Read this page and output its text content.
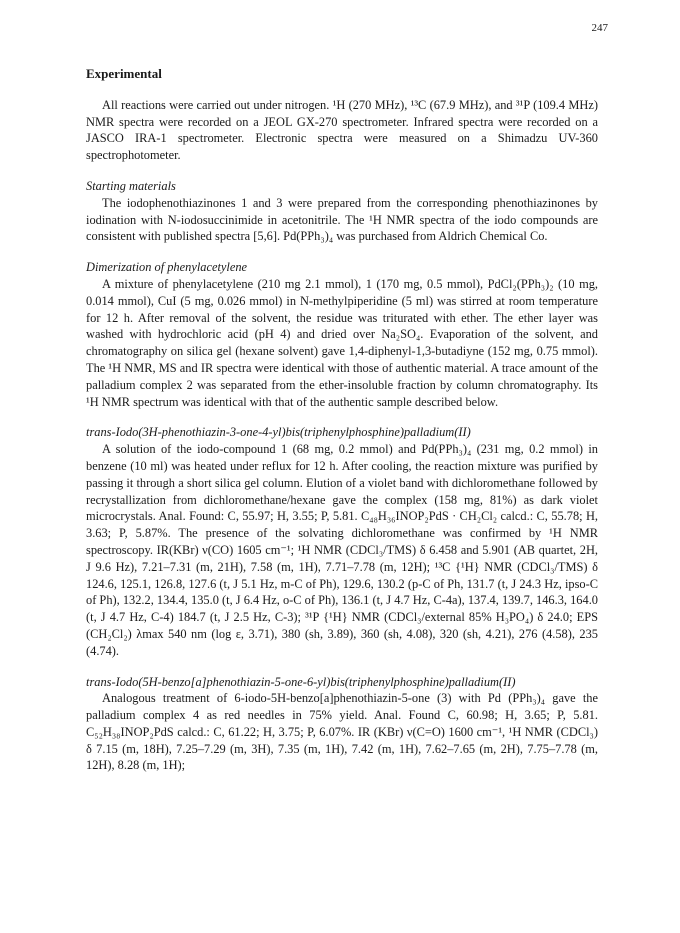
247
Experimental

All reactions were carried out under nitrogen. ¹H (270 MHz), ¹³C (67.9 MHz), and ³¹P (109.4 MHz) NMR spectra were recorded on a JEOL GX-270 spectrometer. Infrared spectra were recorded on a JASCO IRA-1 spectrometer. Electronic spectra were measured on a Shimadzu UV-360 spectrophotometer.

Starting materials

The iodophenothiazinones 1 and 3 were prepared from the corresponding phenothiazinones by iodination with N-iodosuccinimide in acetonitrile. The ¹H NMR spectra of the iodo compounds are consistent with published spectra [5,6]. Pd(PPh₃)₄ was purchased from Aldrich Chemical Co.

Dimerization of phenylacetylene

A mixture of phenylacetylene (210 mg 2.1 mmol), 1 (170 mg, 0.5 mmol), PdCl₂(PPh₃)₂ (10 mg, 0.014 mmol), CuI (5 mg, 0.026 mmol) in N-methylpiperidine (5 ml) was stirred at room temperature for 12 h. After removal of the solvent, the residue was triturated with ether. The ether layer was washed with hydrochloric acid (pH 4) and dried over Na₂SO₄. Evaporation of the solvent, and chromatography on silica gel (hexane solvent) gave 1,4-diphenyl-1,3-butadiyne (152 mg, 0.75 mmol). The ¹H NMR, MS and IR spectra were identical with those of authentic material. A trace amount of the palladium complex 2 was separated from the ether-insoluble fraction by column chromatography. Its ¹H NMR spectrum was identical with that of the authentic sample described below.

trans-Iodo(3H-phenothiazin-3-one-4-yl)bis(triphenylphosphine)palladium(II)

A solution of the iodo-compound 1 (68 mg, 0.2 mmol) and Pd(PPh₃)₄ (231 mg, 0.2 mmol) in benzene (10 ml) was heated under reflux for 12 h. After cooling, the reaction mixture was purified by passing it through a short silica gel column. Elution of a violet band with dichloromethane followed by recrystallization from dichloromethane/hexane gave the complex (158 mg, 81%) as dark violet microcrystals. Anal. Found: C, 55.97; H, 3.55; P, 5.81. C₄₈H₃₆INOP₂PdS · CH₂Cl₂ calcd.: C, 55.78; H, 3.63; P, 5.87%. The presence of the solvating dichloromethane was confirmed by ¹H NMR spectroscopy. IR(KBr) ν(CO) 1605 cm⁻¹; ¹H NMR (CDCl₃/TMS) δ 6.458 and 5.901 (AB quartet, 2H, J 9.6 Hz), 7.21–7.31 (m, 21H), 7.58 (m, 1H), 7.71–7.78 (m, 12H); ¹³C {¹H} NMR (CDCl₃/TMS) δ 124.6, 125.1, 126.8, 127.6 (t, J 5.1 Hz, m-C of Ph), 129.6, 130.2 (p-C of Ph, 131.7 (t, J 24.3 Hz, ipso-C of Ph), 132.2, 134.4, 135.0 (t, J 6.4 Hz, o-C of Ph), 136.1 (t, J 4.7 Hz, C-4a), 137.4, 139.7, 146.3, 164.0 (t, J 4.7 Hz, C-4) 184.7 (t, J 2.5 Hz, C-3); ³¹P {¹H} NMR (CDCl₃/external 85% H₃PO₄) δ 24.0; EPS (CH₂Cl₂) λmax 540 nm (log ε, 3.71), 380 (sh, 3.89), 360 (sh, 4.08), 320 (sh, 4.21), 276 (4.58), 235 (4.74).

trans-Iodo(5H-benzo[a]phenothiazin-5-one-6-yl)bis(triphenylphosphine)palladium(II)

Analogous treatment of 6-iodo-5H-benzo[a]phenothiazin-5-one (3) with Pd (PPh₃)₄ gave the palladium complex 4 as red needles in 75% yield. Anal. Found C, 60.98; H, 3.65; P, 5.81. C₅₂H₃₈INOP₂PdS calcd.: C, 61.22; H, 3.75; P, 6.07%. IR (KBr) ν(C=O) 1600 cm⁻¹, ¹H NMR (CDCl₃) δ 7.15 (m, 18H), 7.25–7.29 (m, 3H), 7.35 (m, 1H), 7.42 (m, 1H), 7.62–7.65 (m, 2H), 7.75–7.78 (m, 12H), 8.28 (m, 1H);
